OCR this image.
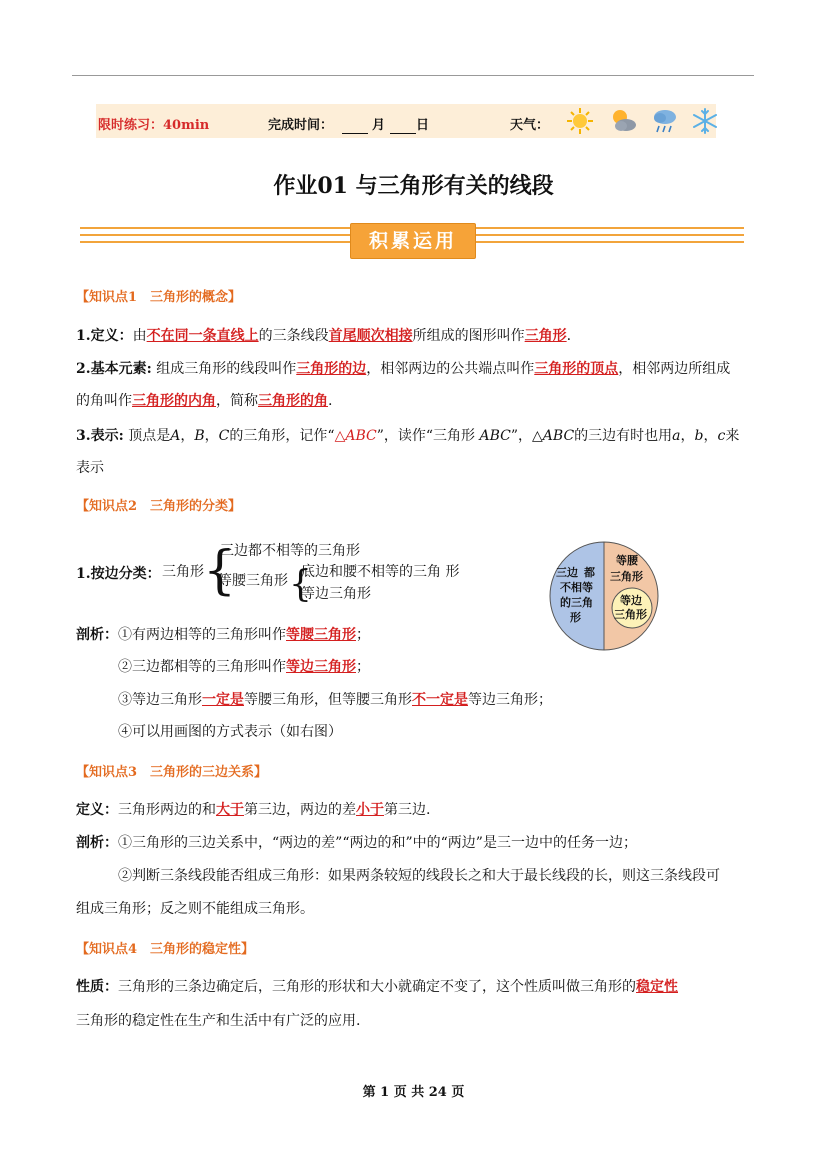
限时练习：40min	完成时间：	月 日	天气：
作业01 与三角形有关的线段
积累运用
【知识点1　三角形的概念】
1.定义：由不在同一条直线上的三条线段首尾顺次相接所组成的图形叫作三角形.
2.基本元素: 组成三角形的线段叫作三角形的边，相邻两边的公共端点叫作三角形的顶点，相邻两边所组成
的角叫作三角形的内角，简称三角形的角.
3.表示: 顶点是A，B，C的三角形，记作“△ABC”，读作“三角形 ABC”，△ABC的三边有时也用a，b，c来
表示
【知识点2　三角形的分类】
1.按边分类： 三角形 {
三边都不相等的三角形
等腰三角形 {
底边和腰不相等的三角 形
等边三角形
三边 都
不相等
的三角
形
等腰
三角形
等边
三角形
剖析：①有两边相等的三角形叫作等腰三角形；
②三边都相等的三角形叫作等边三角形；
③等边三角形一定是等腰三角形，但等腰三角形不一定是等边三角形；
④可以用画图的方式表示（如右图）
【知识点3　三角形的三边关系】
定义：三角形两边的和大于第三边，两边的差小于第三边.
剖析：①三角形的三边关系中，“两边的差”“两边的和”中的“两边”是三一边中的任务一边；
②判断三条线段能否组成三角形：如果两条较短的线段长之和大于最长线段的长，则这三条线段可
组成三角形；反之则不能组成三角形。
【知识点4　三角形的稳定性】
性质：三角形的三条边确定后，三角形的形状和大小就确定不变了，这个性质叫做三角形的稳定性
三角形的稳定性在生产和生活中有广泛的应用.
第 1 页 共 24 页
